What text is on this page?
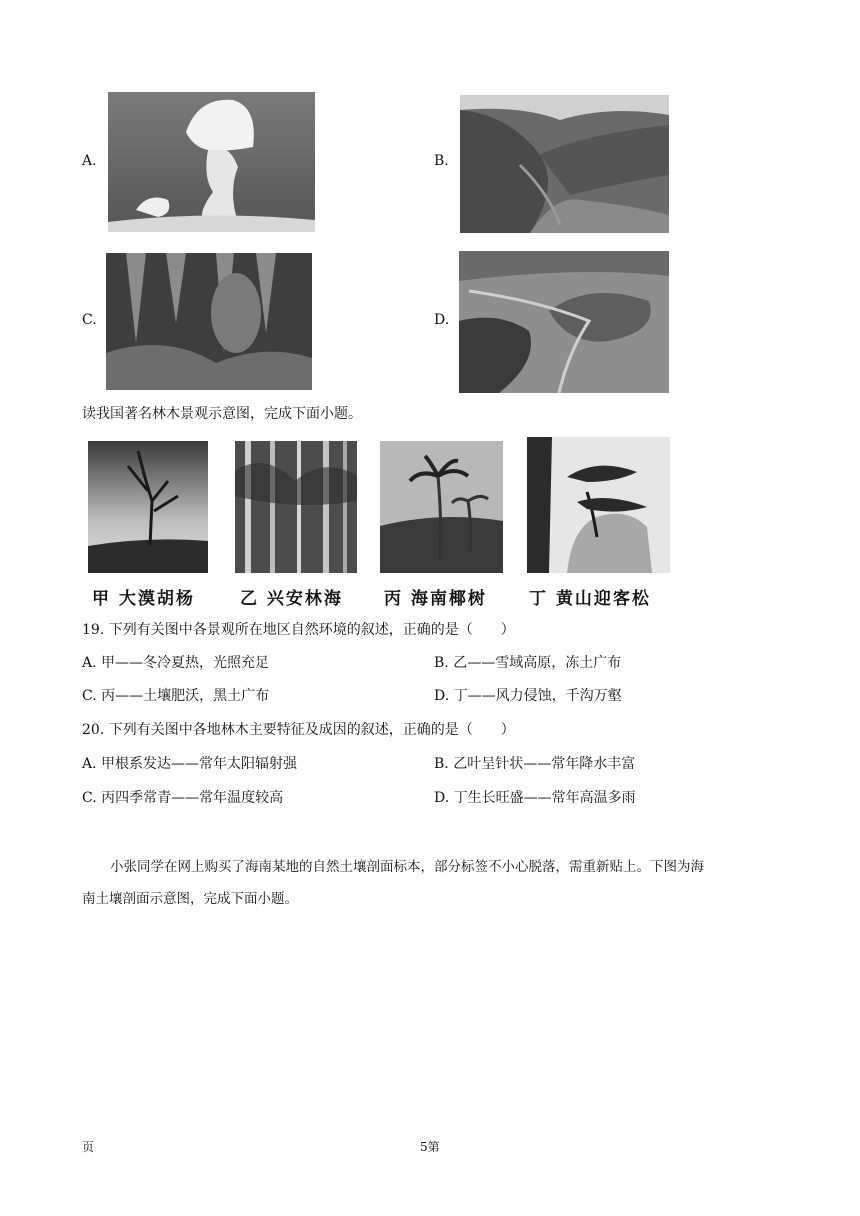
A.	B.
C.	D.
读我国著名林木景观示意图，完成下面小题。
甲 大漠胡杨	乙 兴安林海 丙 海南椰树 丁 黄山迎客松
19. 下列有关图中各景观所在地区自然环境的叙述，正确的是（　　）
A. 甲——冬冷夏热，光照充足	B. 乙——雪域高原，冻土广布
C. 丙——土壤肥沃，黑土广布	D. 丁——风力侵蚀，千沟万壑
20. 下列有关图中各地林木主要特征及成因的叙述，正确的是（　　）
A. 甲根系发达——常年太阳辐射强	B. 乙叶呈针状——常年降水丰富
C. 丙四季常青——常年温度较高	D. 丁生长旺盛——常年高温多雨
小张同学在网上购买了海南某地的自然土壤剖面标本，部分标签不小心脱落，需重新贴上。下图为海
南土壤剖面示意图，完成下面小题。
页	5第
